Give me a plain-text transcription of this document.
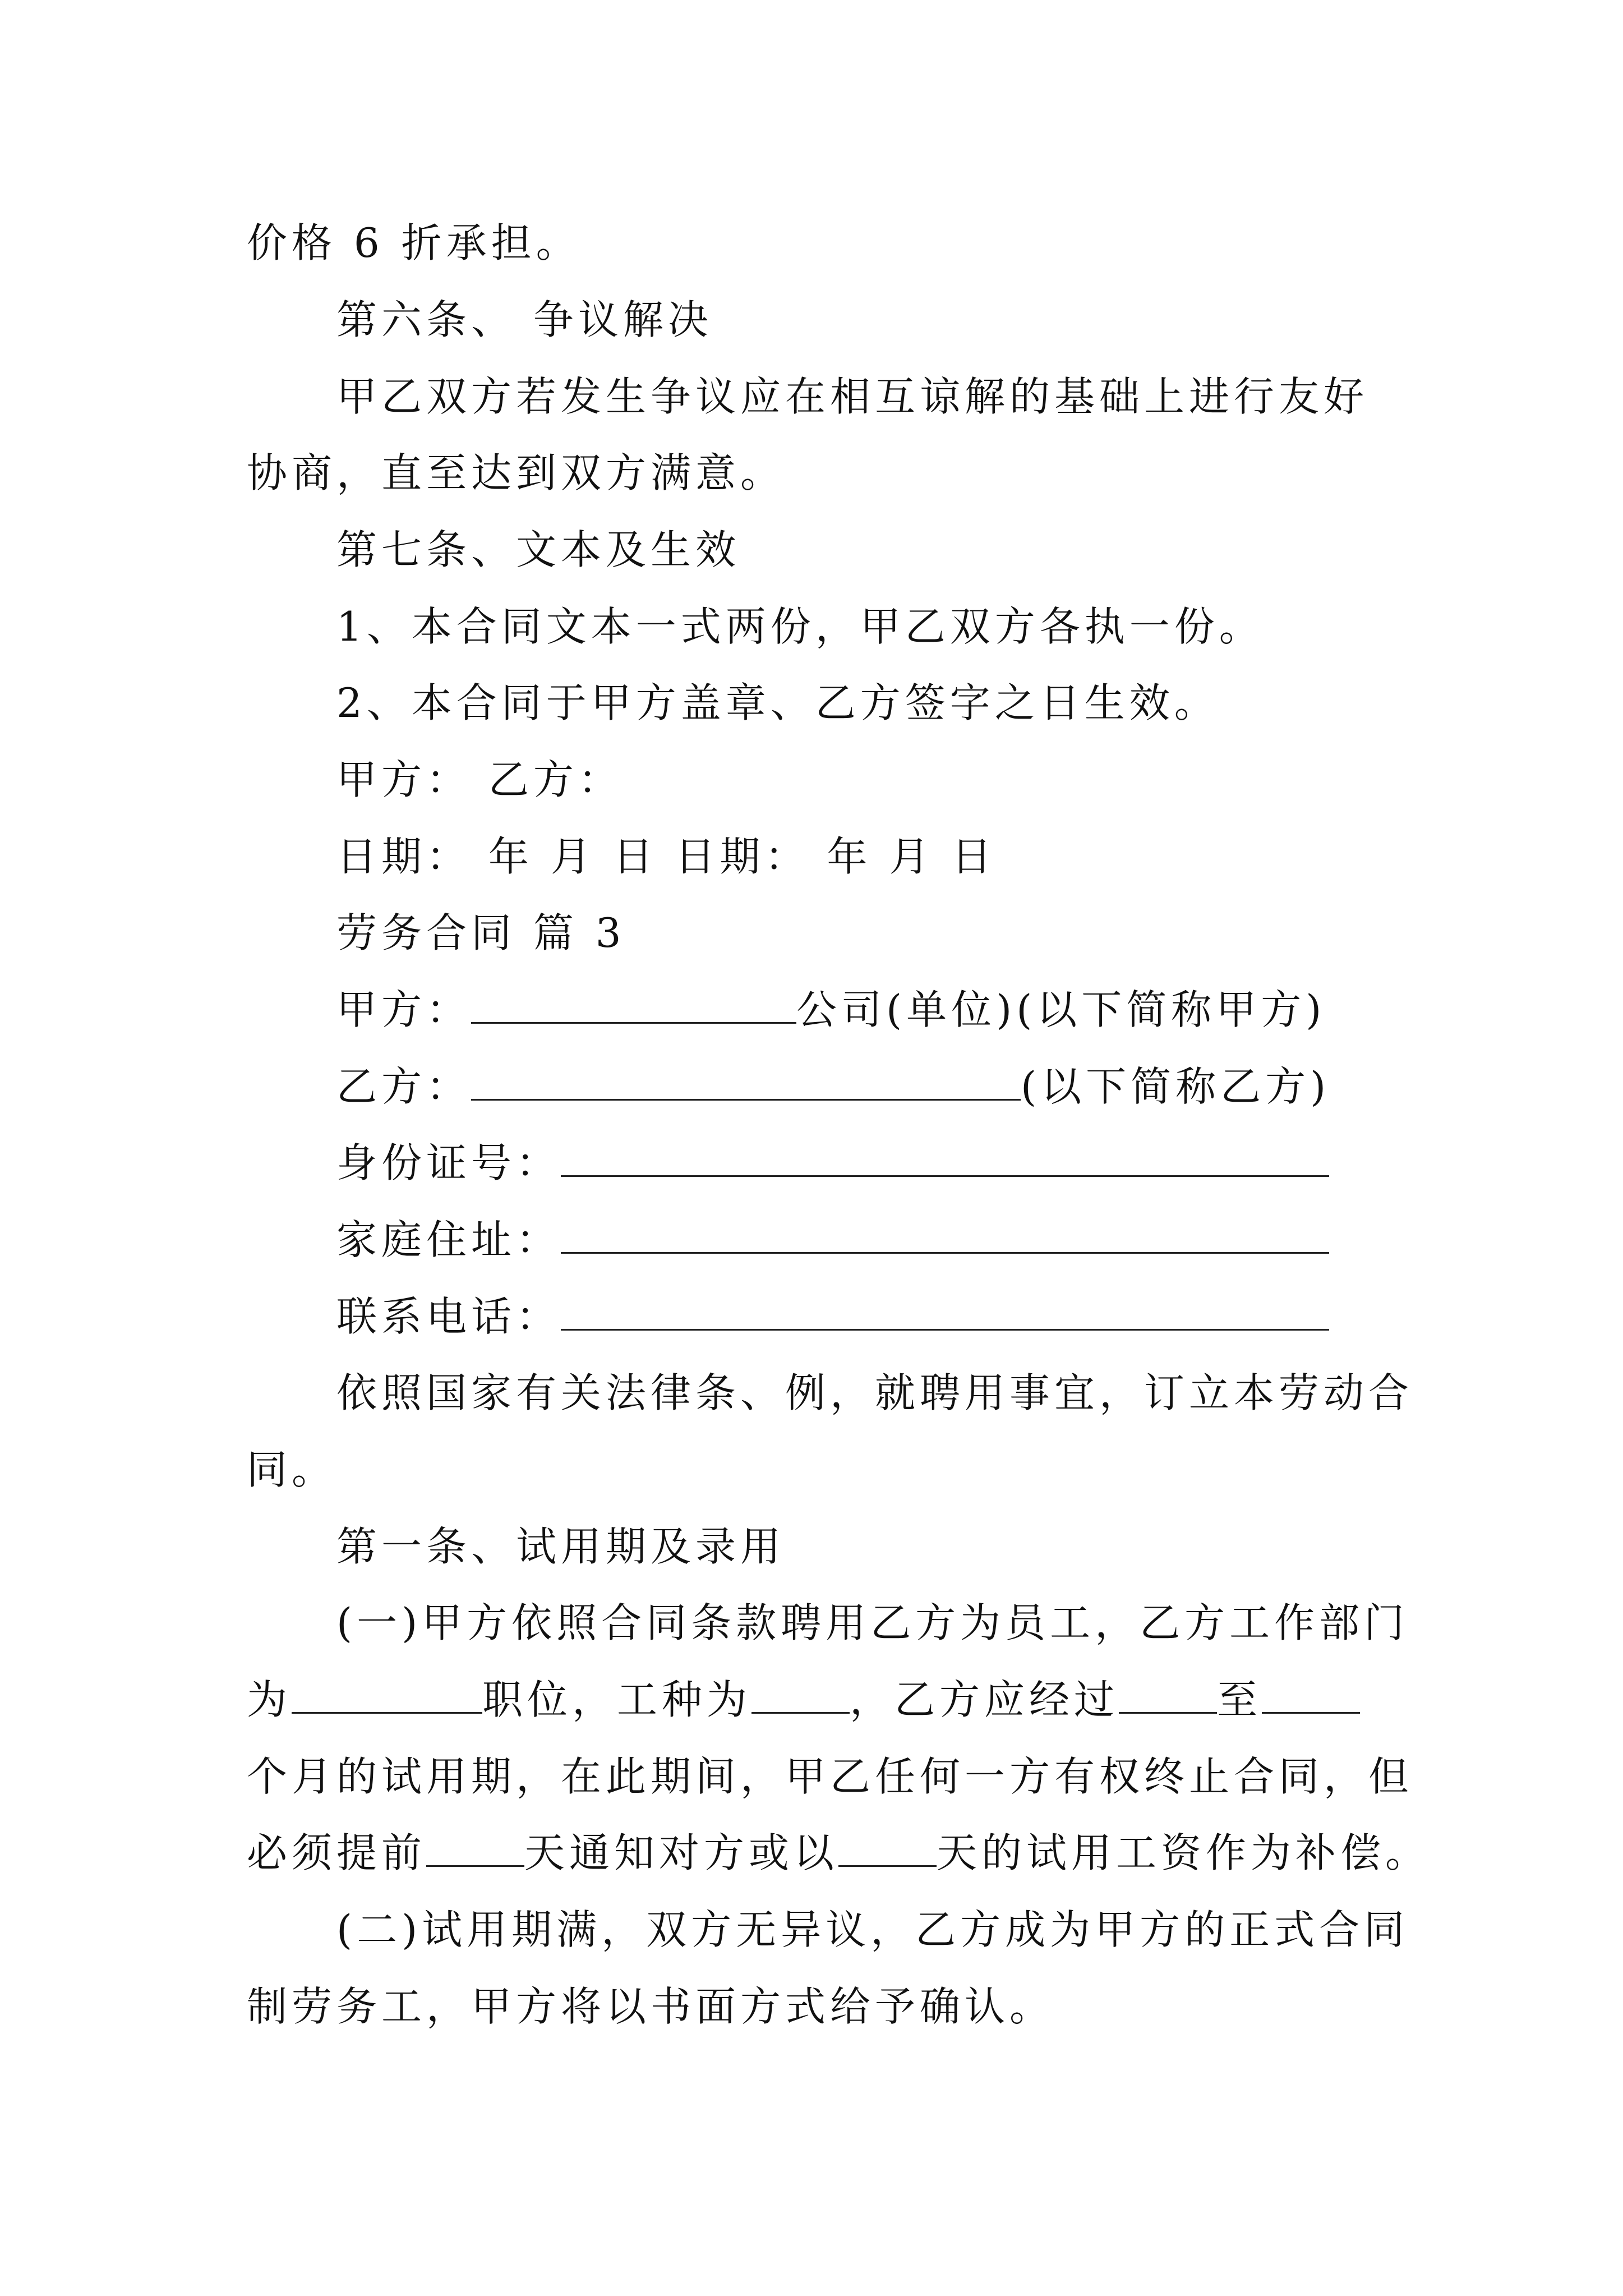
价格 6 折承担。
第六条、 争议解决
甲乙双方若发生争议应在相互谅解的基础上进行友好
协商，直至达到双方满意。
第七条、文本及生效
1、本合同文本一式两份，甲乙双方各执一份。
2、本合同于甲方盖章、乙方签字之日生效。
甲方： 乙方：
日期： 年 月 日 日期： 年 月 日
劳务合同 篇 3
甲方：	公司(单位)(以下简称甲方)
乙方：	(以下简称乙方)
身份证号：
家庭住址：
联系电话：
依照国家有关法律条、例，就聘用事宜，订立本劳动合
同。
第一条、试用期及录用
(一)甲方依照合同条款聘用乙方为员工，乙方工作部门
为	职位，工种为 ，乙方应经过 至
个月的试用期，在此期间，甲乙任何一方有权终止合同，但
必须提前 天通知对方或以 天的试用工资作为补偿。
(二)试用期满，双方无异议，乙方成为甲方的正式合同
制劳务工，甲方将以书面方式给予确认。
